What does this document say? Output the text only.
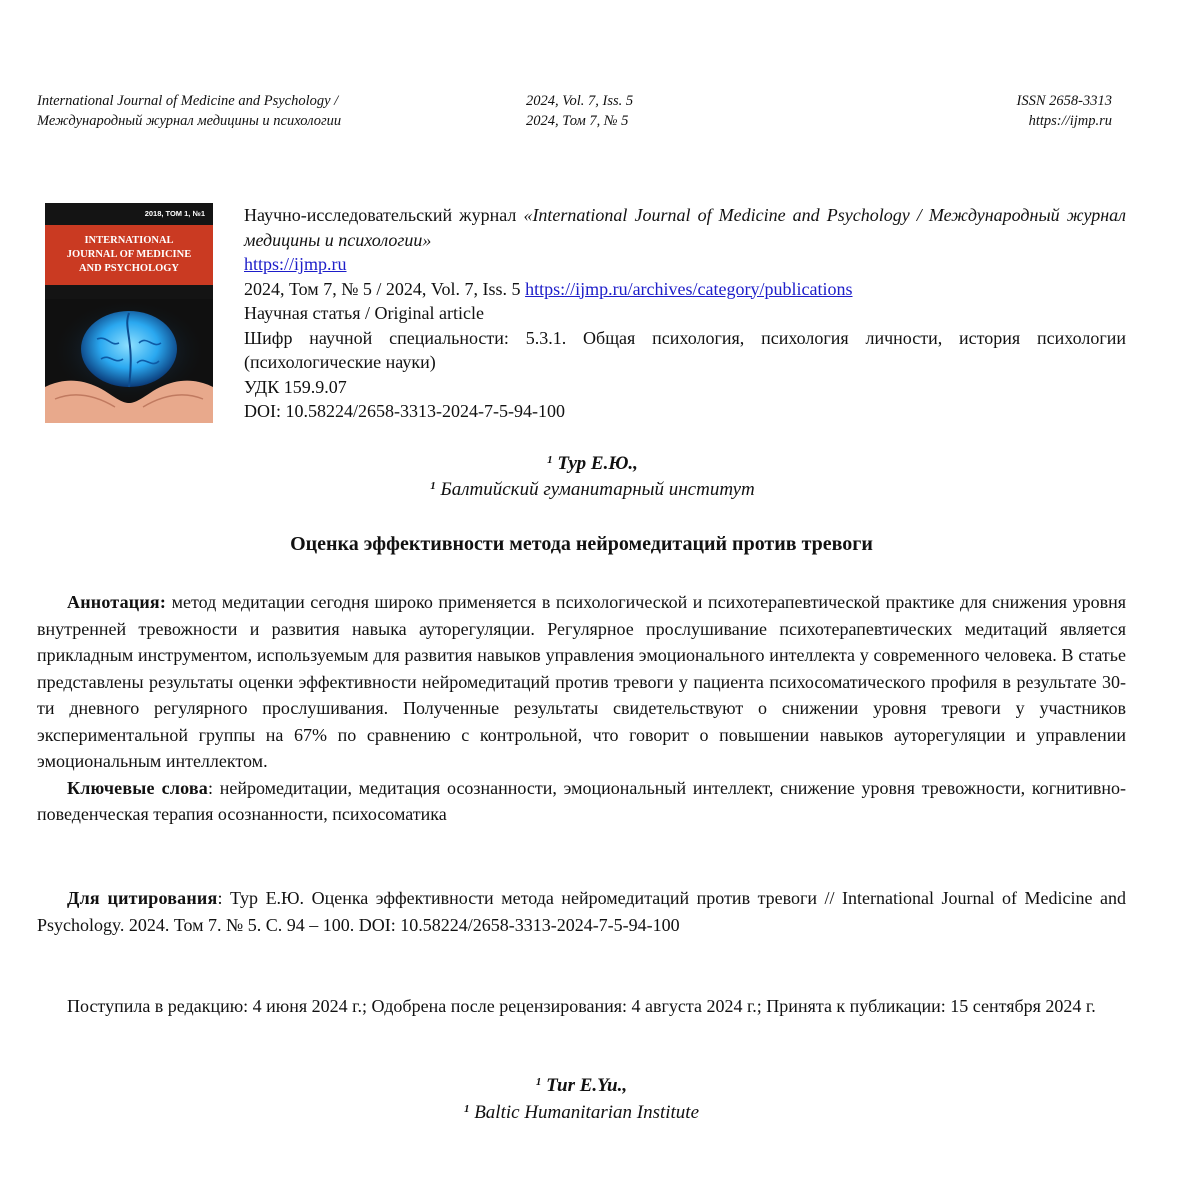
International Journal of Medicine and Psychology /
Международный журнал медицины и психологии
2024, Vol. 7, Iss. 5
2024, Том 7, № 5
ISSN 2658-3313
https://ijmp.ru
2018, ТОМ 1, №1
INTERNATIONAL
JOURNAL OF MEDICINE
AND PSYCHOLOGY
Научно-исследовательский журнал «International Journal of Medicine and Psychology / Международный журнал медицины и психологии»
https://ijmp.ru
2024, Том 7, № 5 / 2024, Vol. 7, Iss. 5 https://ijmp.ru/archives/category/publications
Научная статья / Original article
Шифр научной специальности: 5.3.1. Общая психология, психология личности, история психологии (психологические науки)
УДК 159.9.07
DOI: 10.58224/2658-3313-2024-7-5-94-100
$^1$ Тур Е.Ю.,
$^1$ Балтийский гуманитарный институт
Оценка эффективности метода нейромедитаций против тревоги
Аннотация: метод медитации сегодня широко применяется в психологической и психотерапевтической практике для снижения уровня внутренней тревожности и развития навыка ауторегуляции. Регулярное прослушивание психотерапевтических медитаций является прикладным инструментом, используемым для развития навыков управления эмоционального интеллекта у современного человека. В статье представлены результаты оценки эффективности нейромедитаций против тревоги у пациента психосоматического профиля в результате 30-ти дневного регулярного прослушивания. Полученные результаты свидетельствуют о снижении уровня тревоги у участников экспериментальной группы на 67% по сравнению с контрольной, что говорит о повышении навыков ауторегуляции и управлении эмоциональным интеллектом.
Ключевые слова: нейромедитации, медитация осознанности, эмоциональный интеллект, снижение уровня тревожности, когнитивно-поведенческая терапия осознанности, психосоматика
Для цитирования: Тур Е.Ю. Оценка эффективности метода нейромедитаций против тревоги // International Journal of Medicine and Psychology. 2024. Том 7. № 5. С. 94 – 100. DOI: 10.58224/2658-3313-2024-7-5-94-100
Поступила в редакцию: 4 июня 2024 г.; Одобрена после рецензирования: 4 августа 2024 г.; Принята к публикации: 15 сентября 2024 г.
$^1$ Tur E.Yu.,
$^1$ Baltic Humanitarian Institute
